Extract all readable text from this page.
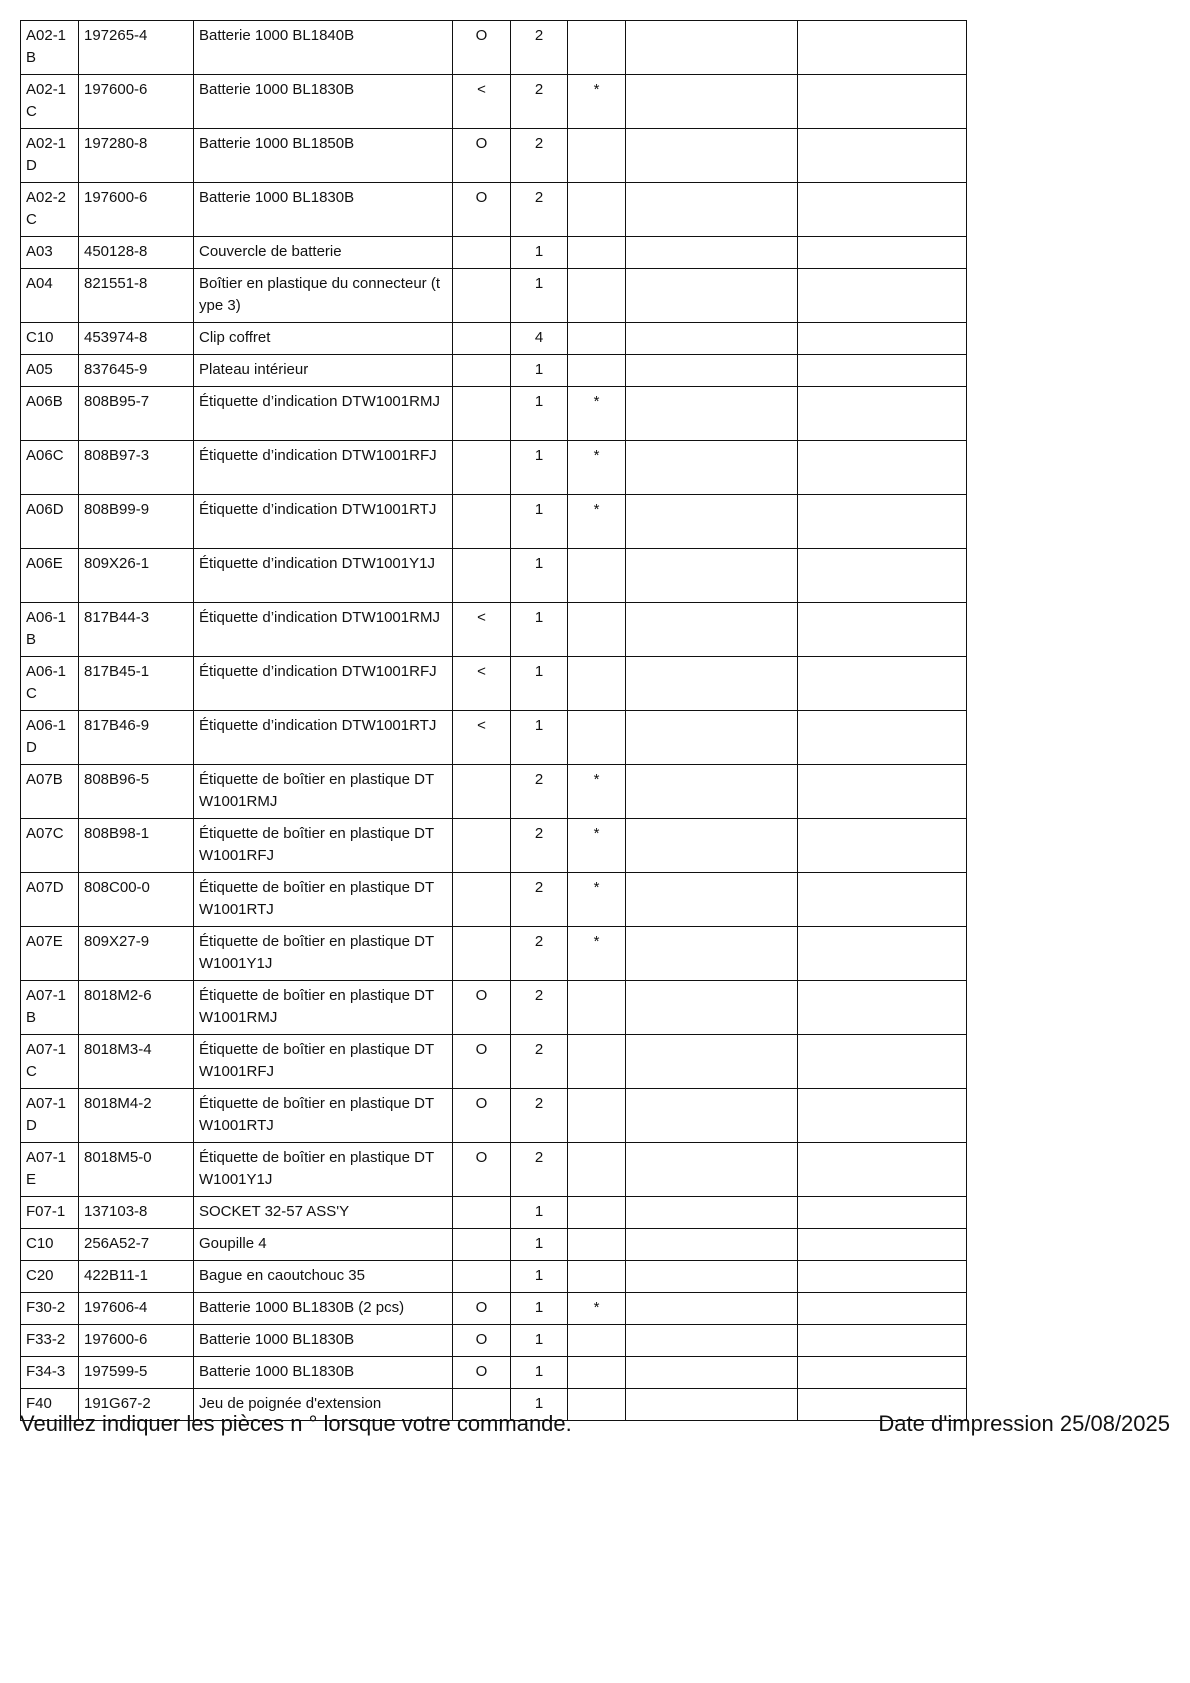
A02-1B	197265-4	Batterie 1000 BL1840B	O	2			
A02-1C	197600-6	Batterie 1000 BL1830B	<	2	*		
A02-1D	197280-8	Batterie 1000 BL1850B	O	2			
A02-2C	197600-6	Batterie 1000 BL1830B	O	2			
A03	450128-8	Couvercle de batterie		1			
A04	821551-8	Boîtier en plastique du connecteur (type 3)		1			
C10	453974-8	Clip coffret		4			
A05	837645-9	Plateau intérieur		1			
A06B	808B95-7	Étiquette d’indication DTW1001RMJ		1	*		
A06C	808B97-3	Étiquette d’indication DTW1001RFJ		1	*		
A06D	808B99-9	Étiquette d’indication DTW1001RTJ		1	*		
A06E	809X26-1	Étiquette d’indication DTW1001Y1J		1			
A06-1B	817B44-3	Étiquette d’indication DTW1001RMJ	<	1			
A06-1C	817B45-1	Étiquette d’indication DTW1001RFJ	<	1			
A06-1D	817B46-9	Étiquette d’indication DTW1001RTJ	<	1			
A07B	808B96-5	Étiquette de boîtier en plastique DTW1001RMJ		2	*		
A07C	808B98-1	Étiquette de boîtier en plastique DTW1001RFJ		2	*		
A07D	808C00-0	Étiquette de boîtier en plastique DTW1001RTJ		2	*		
A07E	809X27-9	Étiquette de boîtier en plastique DTW1001Y1J		2	*		
A07-1B	8018M2-6	Étiquette de boîtier en plastique DTW1001RMJ	O	2			
A07-1C	8018M3-4	Étiquette de boîtier en plastique DTW1001RFJ	O	2			
A07-1D	8018M4-2	Étiquette de boîtier en plastique DTW1001RTJ	O	2			
A07-1E	8018M5-0	Étiquette de boîtier en plastique DTW1001Y1J	O	2			
F07-1	137103-8	SOCKET 32-57 ASS'Y		1			
C10	256A52-7	Goupille 4		1			
C20	422B11-1	Bague en caoutchouc 35		1			
F30-2	197606-4	Batterie 1000 BL1830B (2 pcs)	O	1	*		
F33-2	197600-6	Batterie 1000 BL1830B	O	1			
F34-3	197599-5	Batterie 1000 BL1830B	O	1			
F40	191G67-2	Jeu de poignée d'extension		1			
Veuillez indiquer les pièces n ° lorsque votre commande.	Date d'impression 25/08/2025
